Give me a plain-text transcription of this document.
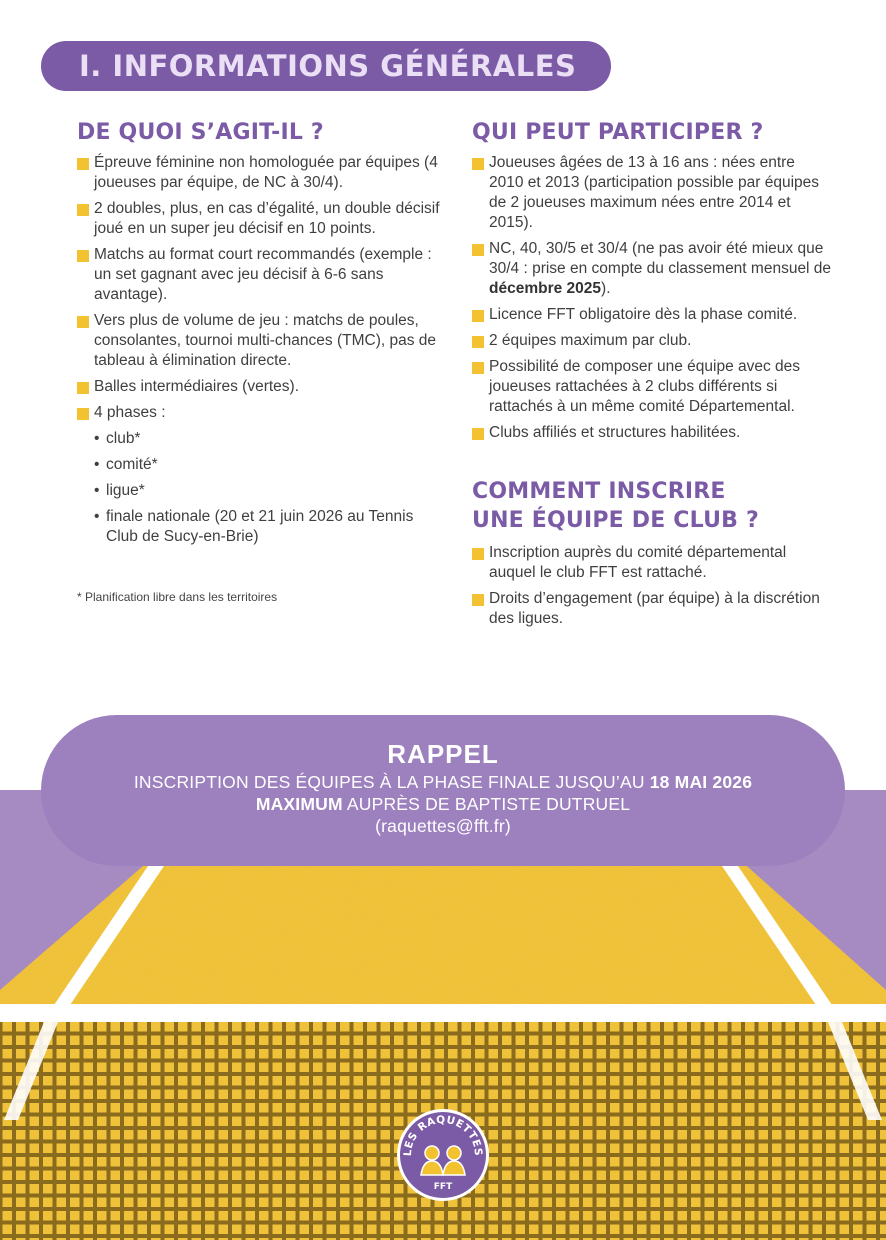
I. INFORMATIONS GÉNÉRALES
DE QUOI S’AGIT-IL ?
Épreuve féminine non homologuée par équipes (4 joueuses par équipe, de NC à 30/4).
2 doubles, plus, en cas d’égalité, un double décisif joué en un super jeu décisif en 10 points.
Matchs au format court recommandés (exemple : un set gagnant avec jeu décisif à 6-6 sans avantage).
Vers plus de volume de jeu : matchs de poules, consolantes, tournoi multi-chances (TMC), pas de tableau à élimination directe.
Balles intermédiaires (vertes).
4 phases :
• club*
• comité*
• ligue*
• finale nationale (20 et 21 juin 2026 au Tennis Club de Sucy-en-Brie)
* Planification libre dans les territoires
QUI PEUT PARTICIPER ?
Joueuses âgées de 13 à 16 ans : nées entre 2010 et 2013 (participation possible par équipes de 2 joueuses maximum nées entre 2014 et 2015).
NC, 40, 30/5 et 30/4 (ne pas avoir été mieux que 30/4 : prise en compte du classement mensuel de décembre 2025).
Licence FFT obligatoire dès la phase comité.
2 équipes maximum par club.
Possibilité de composer une équipe avec des joueuses rattachées à 2 clubs différents si rattachés à un même comité Départemental.
Clubs affiliés et structures habilitées.
COMMENT INSCRIRE
UNE ÉQUIPE DE CLUB ?
Inscription auprès du comité départemental auquel le club FFT est rattaché.
Droits d’engagement (par équipe) à la discrétion des ligues.
RAPPEL
INSCRIPTION DES ÉQUIPES À LA PHASE FINALE JUSQU’AU 18 MAI 2026
MAXIMUM AUPRÈS DE BAPTISTE DUTRUEL
(raquettes@fft.fr)
LES RAQUETTES
FFT
